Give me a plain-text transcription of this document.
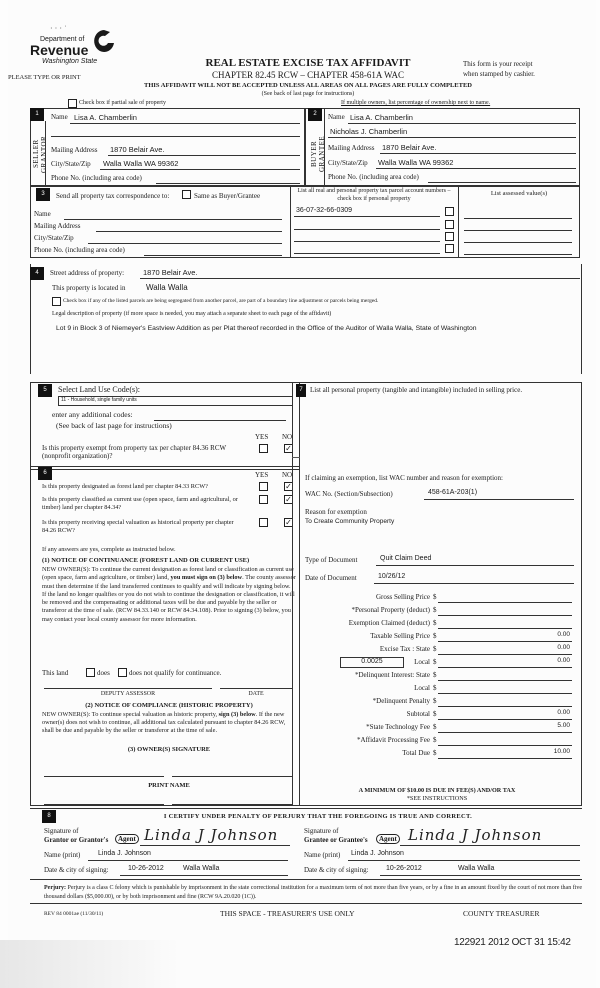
· · · ˙
Department of
Revenue
Washington State
PLEASE TYPE OR PRINT
REAL ESTATE EXCISE TAX AFFIDAVIT
CHAPTER 82.45 RCW – CHAPTER 458-61A WAC
This form is your receipt
when stamped by cashier.
THIS AFFIDAVIT WILL NOT BE ACCEPTED UNLESS ALL AREAS ON ALL PAGES ARE FULLY COMPLETED
(See back of last page for instructions)
Check box if partial sale of property	If multiple owners, list percentage of ownership next to name.
1
SELLER GRANTOR
Name Lisa A. Chamberlin
Mailing Address 1870 Belair Ave.
City/State/Zip Walla Walla WA 99362
Phone No. (including area code)
2
BUYER GRANTEE
Name Lisa A. Chamberlin
Nicholas J. Chamberlin
Mailing Address 1870 Belair Ave.
City/State/Zip Walla Walla WA 99362
Phone No. (including area code)
3	Send all property tax correspondence to:	Same as Buyer/Grantee
Name
Mailing Address
City/State/Zip
Phone No. (including area code)
List all real and personal property tax parcel account numbers – check box if personal property
List assessed value(s)
36-07-32-66-0309
4	Street address of property:	1870 Belair Ave.
This property is located in	Walla Walla
Check box if any of the listed parcels are being segregated from another parcel, are part of a boundary line adjustment or parcels being merged.
Legal description of property (if more space is needed, you may attach a separate sheet to each page of the affidavit)
Lot 9 in Block 3 of Niemeyer's Eastview Addition as per Plat thereof recorded in the Office of the Auditor of Walla Walla, State of Washington
5	Select Land Use Code(s):
11 - Household, single family units
enter any additional codes:
(See back of last page for instructions)
YES NO
Is this property exempt from property tax per chapter 84.36 RCW (nonprofit organization)?
✓
6	YES NO
Is this property designated as forest land per chapter 84.33 RCW?	✓
Is this property classified as current use (open space, farm and agricultural, or timber) land per chapter 84.34?
✓
Is this property receiving special valuation as historical property per chapter 84.26 RCW?
✓
If any answers are yes, complete as instructed below.
(1) NOTICE OF CONTINUANCE (FOREST LAND OR CURRENT USE)
NEW OWNER(S): To continue the current designation as forest land or classification as current use (open space, farm and agriculture, or timber) land, you must sign on (3) below. The county assessor must then determine if the land transferred continues to qualify and will indicate by signing below. If the land no longer qualifies or you do not wish to continue the designation or classification, it will be removed and the compensating or additional taxes will be due and payable by the seller or transferor at the time of sale. (RCW 84.33.140 or RCW 84.34.108). Prior to signing (3) below, you may contact your local county assessor for more information.
This land	does	does not qualify for continuance.
DEPUTY ASSESSOR	DATE
(2) NOTICE OF COMPLIANCE (HISTORIC PROPERTY)
NEW OWNER(S): To continue special valuation as historic property, sign (3) below. If the new owner(s) does not wish to continue, all additional tax calculated pursuant to chapter 84.26 RCW, shall be due and payable by the seller or transferor at the time of sale.
(3) OWNER(S) SIGNATURE
PRINT NAME
7	List all personal property (tangible and intangible) included in selling price.
If claiming an exemption, list WAC number and reason for exemption:
WAC No. (Section/Subsection)	458-61A-203(1)
Reason for exemption
To Create Community Property
Type of Document	Quit Claim Deed
Date of Document	10/26/12
Gross Selling Price $
*Personal Property (deduct) $
Exemption Claimed (deduct) $
Taxable Selling Price $	0.00
Excise Tax : State $	0.00
0.0025	Local $	0.00
*Delinquent Interest: State $
Local $
*Delinquent Penalty $
Subtotal $	0.00
*State Technology Fee $	5.00
*Affidavit Processing Fee $
Total Due $	10.00
A MINIMUM OF $10.00 IS DUE IN FEE(S) AND/OR TAX
*SEE INSTRUCTIONS
8	I CERTIFY UNDER PENALTY OF PERJURY THAT THE FOREGOING IS TRUE AND CORRECT.
Signature of
Grantor or Grantor's	Agent Linda J Johnson
Name (print)	Linda J. Johnson
Date & city of signing:	10-26-2012	Walla Walla
Signature of
Grantee or Grantee's	Agent Linda J Johnson
Name (print) Linda J. Johnson
Date & city of signing: 10-26-2012	Walla Walla
Perjury: Perjury is a class C felony which is punishable by imprisonment in the state correctional institution for a maximum term of not more than five years, or by a fine in an amount fixed by the court of not more than five thousand dollars ($5,000.00), or by both imprisonment and fine (RCW 9A.20.020 (1C)).
REV 84 0001ae (11/30/11)	THIS SPACE - TREASURER'S USE ONLY	COUNTY TREASURER
122921 2012 OCT 31 15:42
